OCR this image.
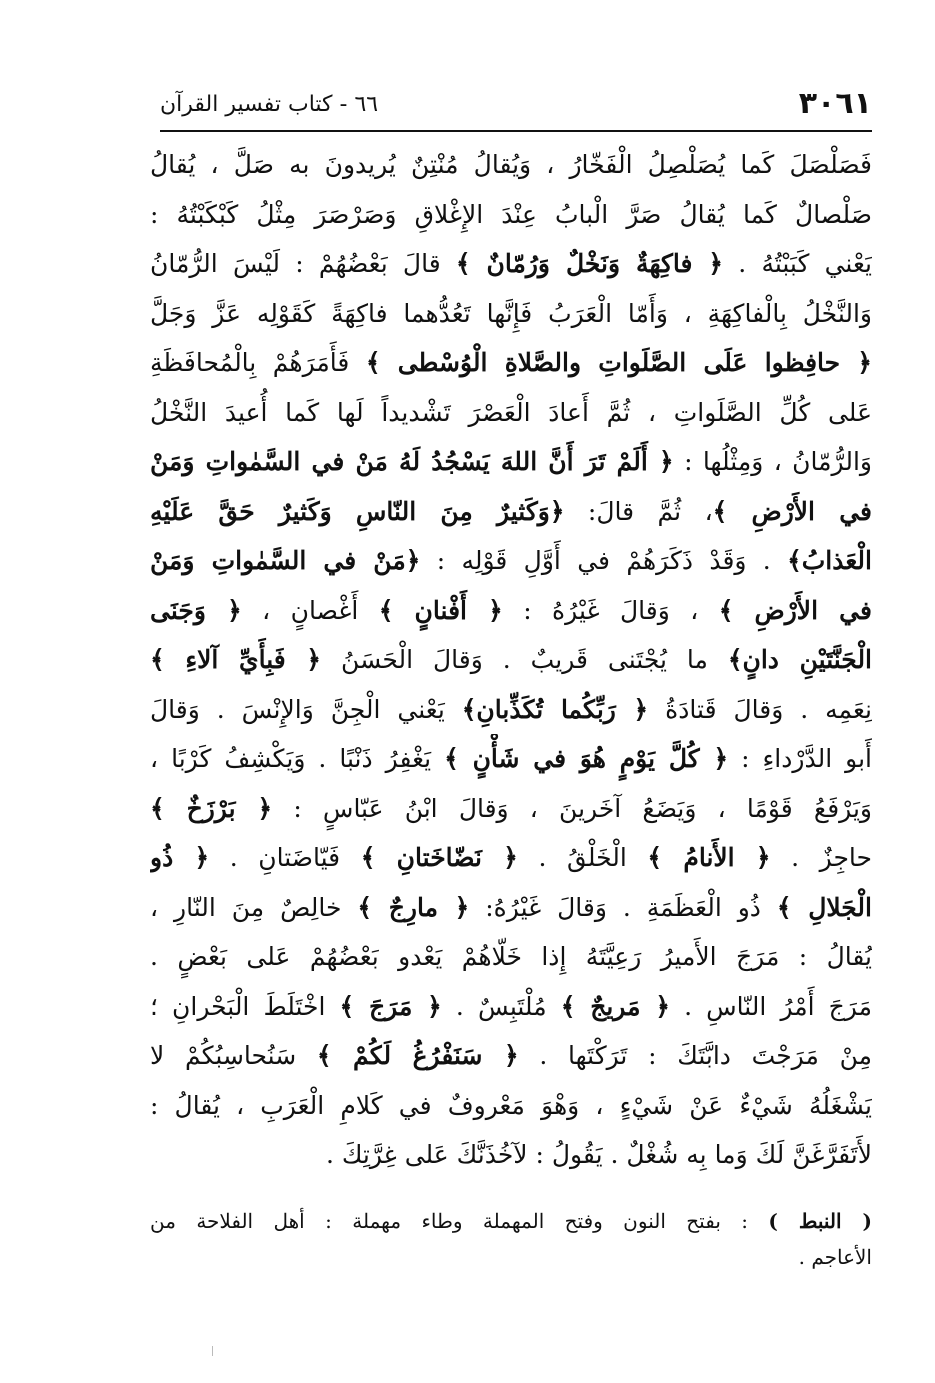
٣٠٦١
٦٦ - كتاب تفسير القرآن
فَصَلْصَلَ كَما يُصَلْصِلُ الْفَخّارُ ، وَيُقالُ مُنْتِنٌ يُريدونَ به صَلَّ ، يُقالُ
صَلْصالٌ كَما يُقالُ صَرَّ الْبابُ عِنْدَ الإِغْلاقِ وَصَرْصَرَ مِثْلُ كَبْكَبْتُهُ :
يَعْني كَبَبْتُهُ . ﴿ فاكِهَةٌ وَنَخْلٌ وَرُمّانٌ ﴾ قالَ بَعْضُهُمْ : لَيْسَ الرُّمّانُ
وَالنَّخْلُ بِالْفاكِهَةِ ، وَأَمّا الْعَرَبُ فَإِنَّها تَعُدُّهما فاكِهَةً كَقَوْلِه عَزَّ وَجَلَّ
﴿ حافِظوا عَلَى الصَّلَواتِ والصَّلاةِ الْوُسْطى ﴾ فَأَمَرَهُمْ بِالْمُحافَظَةِ
عَلى كُلِّ الصَّلَواتِ ، ثُمَّ أَعادَ الْعَصْرَ تَشْديداً لَها كَما أُعيدَ النَّخْلُ
وَالرُّمّانُ ، وَمِثْلُها : ﴿ أَلَمْ تَرَ أَنَّ اللهَ يَسْجُدُ لَهُ مَنْ في السَّمٰواتِ وَمَنْ
في الأَرْضِ ﴾، ثُمَّ قالَ: ﴿وَكَثيرٌ مِنَ النّاسِ وَكَثيرٌ حَقَّ عَلَيْهِ
الْعَذابُ﴾ . وَقَدْ ذَكَرَهُمْ في أَوَّلِ قَوْلِه : ﴿مَنْ في السَّمٰواتِ وَمَنْ
في الأَرْضِ ﴾ ، وَقالَ غَيْرُهُ : ﴿ أَفْنانٍ ﴾ أَغْصانٍ ، ﴿ وَجَنَى
الْجَنَّتَيْنِ دانٍ﴾ ما يُجْتَنى قَريبٌ . وَقالَ الْحَسَنُ ﴿ فَبِأَيِّ آلاءِ ﴾
نِعَمِه . وَقالَ قَتادَةُ ﴿ رَبِّكُما تُكَذِّبانِ﴾ يَعْني الْجِنَّ وَالإِنْسَ . وَقالَ
أَبو الدَّرْداءِ : ﴿ كُلَّ يَوْمٍ هُوَ في شَأْنٍ ﴾ يَغْفِرُ ذَنْبًا . وَيَكْشِفُ كَرْبًا ،
وَيَرْفَعُ قَوْمًا ، وَيَضَعُ آخَرينَ ، وَقالَ ابْنُ عَبّاسٍ : ﴿ بَرْزَخٌ ﴾
حاجِزٌ . ﴿ الأَنامُ ﴾ الْخَلْقُ . ﴿ نَضّاخَتانِ ﴾ فَيّاضَتانِ . ﴿ ذُو
الْجَلالِ ﴾ ذُو الْعَظَمَةِ . وَقالَ غَيْرُهُ: ﴿ مارِجٌ ﴾ خالِصٌ مِنَ النّارِ ،
يُقالُ : مَرَجَ الأَميرُ رَعِيَّتَهُ إِذا خَلّاهُمْ يَعْدو بَعْضُهُمْ عَلى بَعْضٍ .
مَرَجَ أَمْرُ النّاسِ . ﴿ مَريجٌ ﴾ مُلْتَبِسٌ . ﴿ مَرَجَ ﴾ اخْتَلَطَ الْبَحْرانِ ؛
مِنْ مَرَجْتَ دابَّتَكَ : تَرَكْتَها . ﴿ سَنَفْرُغُ لَكُمْ ﴾ سَنُحاسِبُكُمْ لا
يَشْغَلُهُ شَيْءٌ عَنْ شَيْءٍ ، وَهْوَ مَعْروفٌ في كَلامِ الْعَرَبِ ، يُقالُ :
لأَتَفَرَّغَنَّ لَكَ وَما بِه شُغْلٌ . يَقُولُ : لآخُذَنَّكَ عَلى غِرَّتِكَ .
( النبط ) : بفتح النون وفتح المهملة وطاء مهملة : أهل الفلاحة من
الأعاجم .
